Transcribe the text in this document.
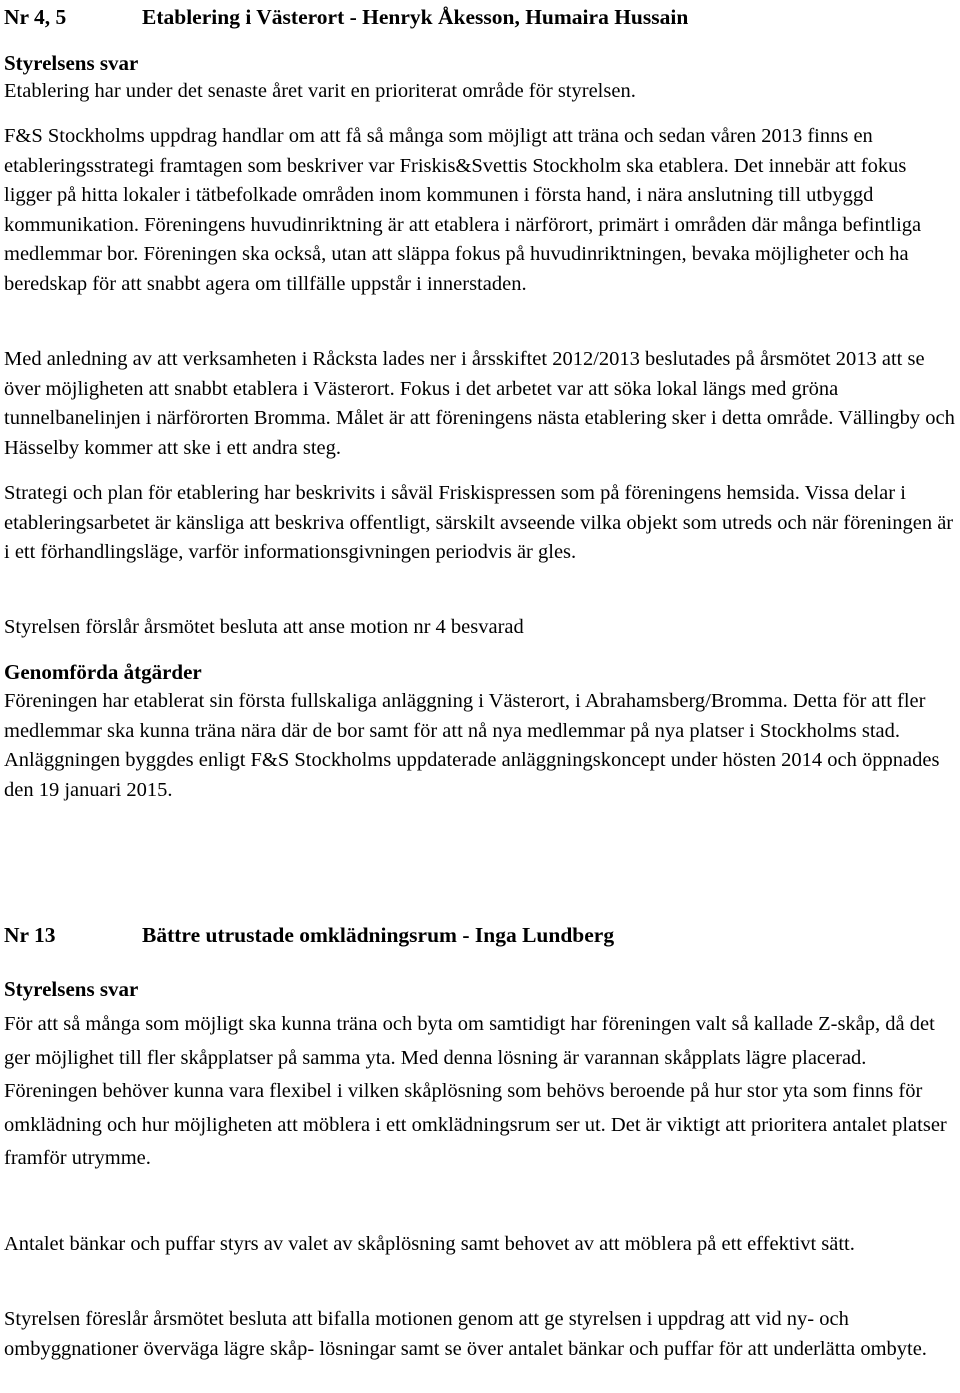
Nr 4, 5	Etablering i Västerort - Henryk Åkesson, Humaira Hussain
Styrelsens svar
Etablering har under det senaste året varit en prioriterat område för styrelsen.
F&S Stockholms uppdrag handlar om att få så många som möjligt att träna och sedan våren 2013 finns en etableringsstrategi framtagen som beskriver var Friskis&Svettis Stockholm ska etablera. Det innebär att fokus ligger på hitta lokaler i tätbefolkade områden inom kommunen i första hand, i nära anslutning till utbyggd kommunikation. Föreningens huvudinriktning är att etablera i närförort, primärt i områden där många befintliga medlemmar bor. Föreningen ska också, utan att släppa fokus på huvudinriktningen, bevaka möjligheter och ha beredskap för att snabbt agera om tillfälle uppstår i innerstaden.
Med anledning av att verksamheten i Råcksta lades ner i årsskiftet 2012/2013 beslutades på årsmötet 2013 att se över möjligheten att snabbt etablera i Västerort. Fokus i det arbetet var att söka lokal längs med gröna tunnelbanelinjen i närförorten Bromma. Målet är att föreningens nästa etablering sker i detta område. Vällingby och Hässelby kommer att ske i ett andra steg.
Strategi och plan för etablering har beskrivits i såväl Friskispressen som på föreningens hemsida. Vissa delar i etableringsarbetet är känsliga att beskriva offentligt, särskilt avseende vilka objekt som utreds och när föreningen är i ett förhandlingsläge, varför informationsgivningen periodvis är gles.
Styrelsen förslår årsmötet besluta att anse motion nr 4 besvarad
Genomförda åtgärder
Föreningen har etablerat sin första fullskaliga anläggning i Västerort, i Abrahamsberg/Bromma. Detta för att fler medlemmar ska kunna träna nära där de bor samt för att nå nya medlemmar på nya platser i Stockholms stad. Anläggningen byggdes enligt F&S Stockholms uppdaterade anläggningskoncept under hösten 2014 och öppnades den 19 januari 2015.
Nr 13	Bättre utrustade omklädningsrum - Inga Lundberg
Styrelsens svar
För att så många som möjligt ska kunna träna och byta om samtidigt har föreningen valt så kallade Z-skåp, då det ger möjlighet till fler skåpplatser på samma yta. Med denna lösning är varannan skåpplats lägre placerad. Föreningen behöver kunna vara flexibel i vilken skåplösning som behövs beroende på hur stor yta som finns för omklädning och hur möjligheten att möblera i ett omklädningsrum ser ut. Det är viktigt att prioritera antalet platser framför utrymme.
Antalet bänkar och puffar styrs av valet av skåplösning samt behovet av att möblera på ett effektivt sätt.
Styrelsen föreslår årsmötet besluta att bifalla motionen genom att ge styrelsen i uppdrag att vid ny- och ombyggnationer överväga lägre skåp- lösningar samt se över antalet bänkar och puffar för att underlätta ombyte.
